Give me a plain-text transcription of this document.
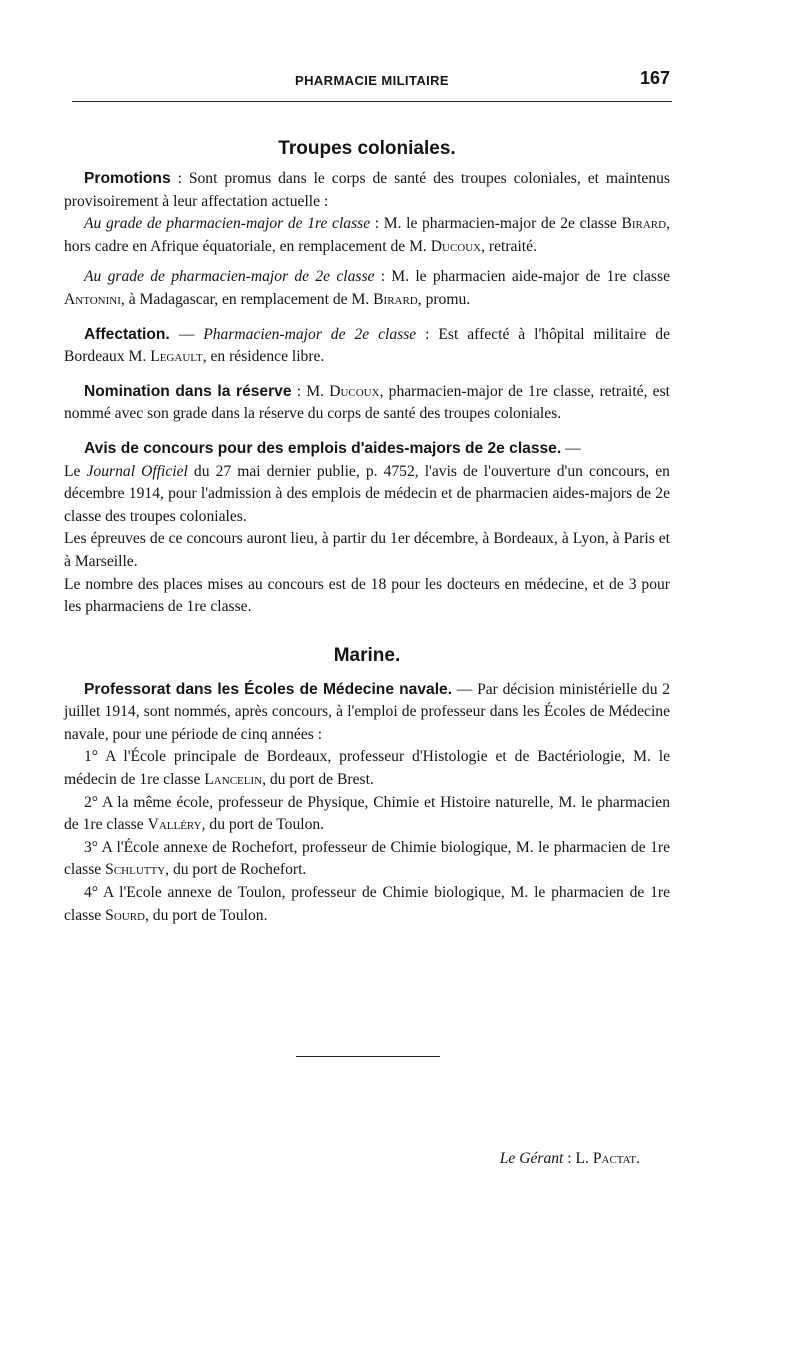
PHARMACIE MILITAIRE	167
Troupes coloniales.

Promotions : Sont promus dans le corps de santé des troupes coloniales, et maintenus provisoirement à leur affectation actuelle :

Au grade de pharmacien-major de 1re classe : M. le pharmacien-major de 2e classe Birard, hors cadre en Afrique équatoriale, en remplacement de M. Ducoux, retraité.

Au grade de pharmacien-major de 2e classe : M. le pharmacien aide-major de 1re classe Antonini, à Madagascar, en remplacement de M. Birard, promu.

Affectation. — Pharmacien-major de 2e classe : Est affecté à l'hôpital militaire de Bordeaux M. Legault, en résidence libre.

Nomination dans la réserve : M. Ducoux, pharmacien-major de 1re classe, retraité, est nommé avec son grade dans la réserve du corps de santé des troupes coloniales.

Avis de concours pour des emplois d'aides-majors de 2e classe. —

Le Journal Officiel du 27 mai dernier publie, p. 4752, l'avis de l'ouverture d'un concours, en décembre 1914, pour l'admission à des emplois de médecin et de pharmacien aides-majors de 2e classe des troupes coloniales.

Les épreuves de ce concours auront lieu, à partir du 1er décembre, à Bordeaux, à Lyon, à Paris et à Marseille.

Le nombre des places mises au concours est de 18 pour les docteurs en médecine, et de 3 pour les pharmaciens de 1re classe.

Marine.

Professorat dans les Écoles de Médecine navale. — Par décision ministérielle du 2 juillet 1914, sont nommés, après concours, à l'emploi de professeur dans les Écoles de Médecine navale, pour une période de cinq années :

1° A l'École principale de Bordeaux, professeur d'Histologie et de Bactériologie, M. le médecin de 1re classe Lancelin, du port de Brest.

2° A la même école, professeur de Physique, Chimie et Histoire naturelle, M. le pharmacien de 1re classe Valléry, du port de Toulon.

3° A l'École annexe de Rochefort, professeur de Chimie biologique, M. le pharmacien de 1re classe Schlutty, du port de Rochefort.

4° A l'Ecole annexe de Toulon, professeur de Chimie biologique, M. le pharmacien de 1re classe Sourd, du port de Toulon.

Le Gérant : L. Pactat.
